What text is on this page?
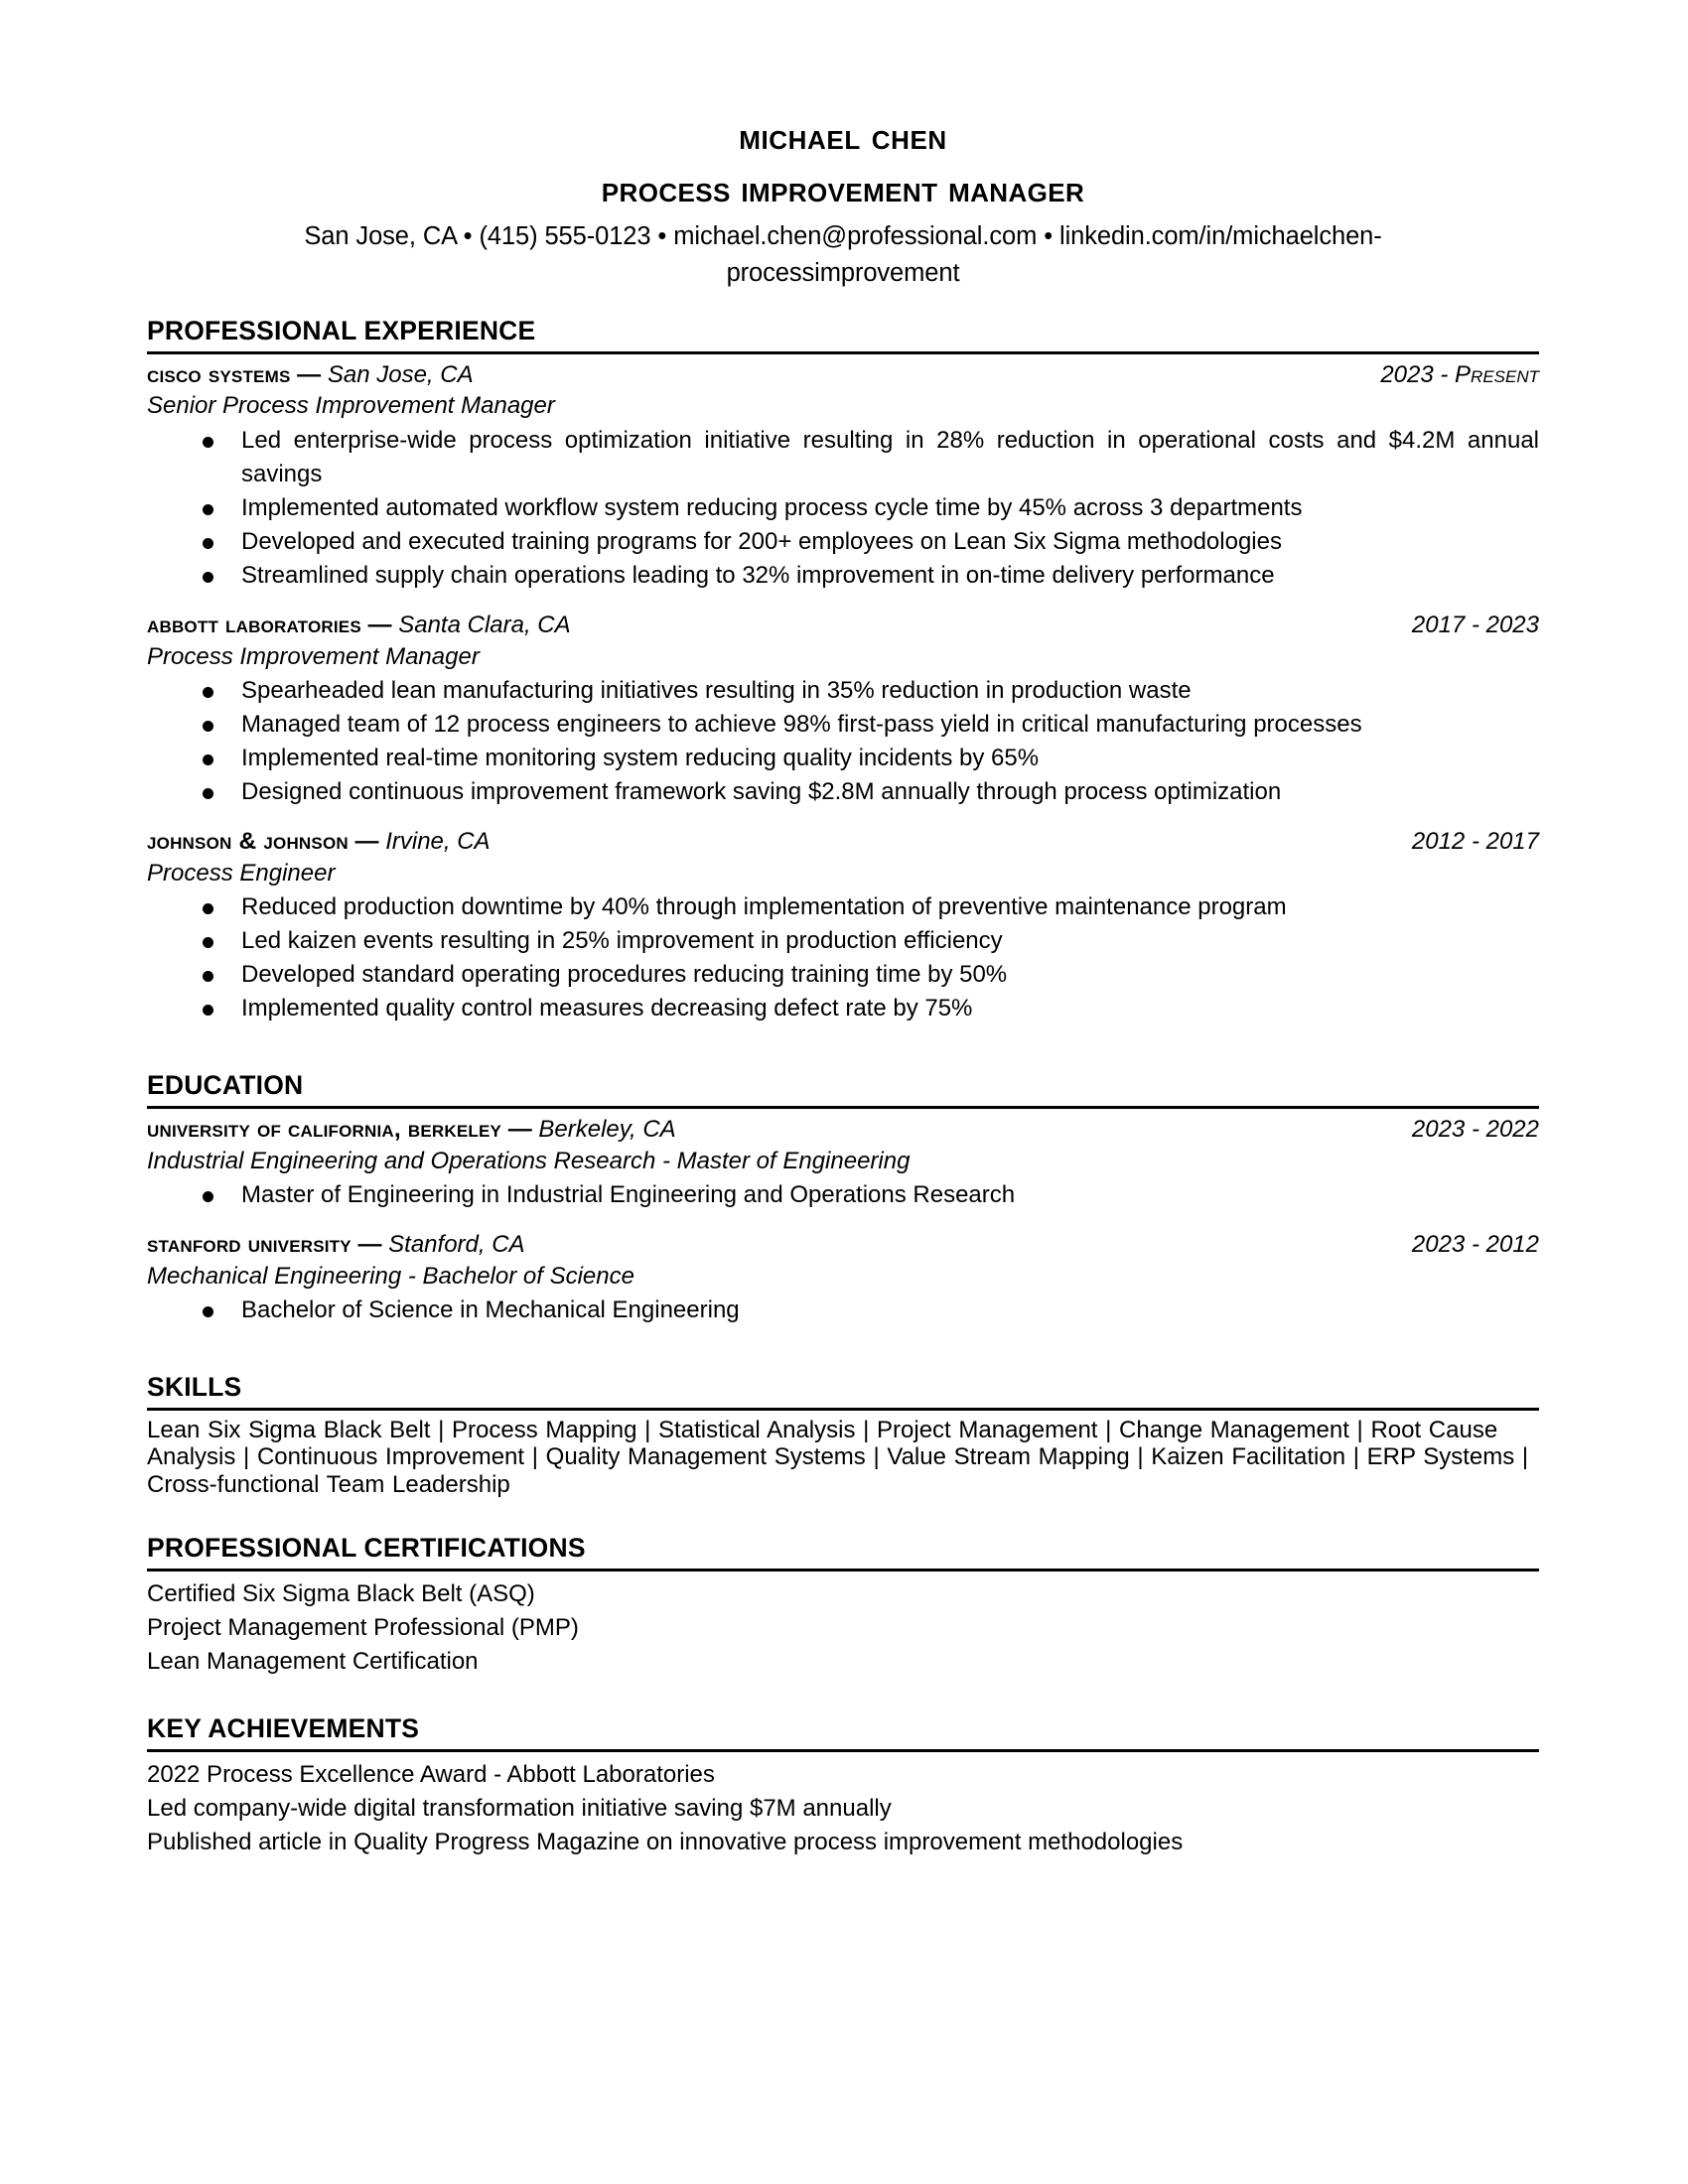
michael chen
process improvement manager
San Jose, CA • (415) 555-0123 • michael.chen@professional.com • linkedin.com/in/michaelchen-processimprovement
PROFESSIONAL EXPERIENCE
cisco systems — San Jose, CA	2023 - Present
Senior Process Improvement Manager
Led enterprise-wide process optimization initiative resulting in 28% reduction in operational costs and $4.2M annual savings
Implemented automated workflow system reducing process cycle time by 45% across 3 departments
Developed and executed training programs for 200+ employees on Lean Six Sigma methodologies
Streamlined supply chain operations leading to 32% improvement in on-time delivery performance
abbott laboratories — Santa Clara, CA	2017 - 2023
Process Improvement Manager
Spearheaded lean manufacturing initiatives resulting in 35% reduction in production waste
Managed team of 12 process engineers to achieve 98% first-pass yield in critical manufacturing processes
Implemented real-time monitoring system reducing quality incidents by 65%
Designed continuous improvement framework saving $2.8M annually through process optimization
johnson & johnson — Irvine, CA	2012 - 2017
Process Engineer
Reduced production downtime by 40% through implementation of preventive maintenance program
Led kaizen events resulting in 25% improvement in production efficiency
Developed standard operating procedures reducing training time by 50%
Implemented quality control measures decreasing defect rate by 75%
EDUCATION
university of california, berkeley — Berkeley, CA	2023 - 2022
Industrial Engineering and Operations Research - Master of Engineering
Master of Engineering in Industrial Engineering and Operations Research
stanford university — Stanford, CA	2023 - 2012
Mechanical Engineering - Bachelor of Science
Bachelor of Science in Mechanical Engineering
SKILLS
Lean Six Sigma Black Belt | Process Mapping | Statistical Analysis | Project Management | Change Management | Root Cause Analysis | Continuous Improvement | Quality Management Systems | Value Stream Mapping | Kaizen Facilitation | ERP Systems | Cross-functional Team Leadership
PROFESSIONAL CERTIFICATIONS
Certified Six Sigma Black Belt (ASQ)
Project Management Professional (PMP)
Lean Management Certification
KEY ACHIEVEMENTS
2022 Process Excellence Award - Abbott Laboratories
Led company-wide digital transformation initiative saving $7M annually
Published article in Quality Progress Magazine on innovative process improvement methodologies
